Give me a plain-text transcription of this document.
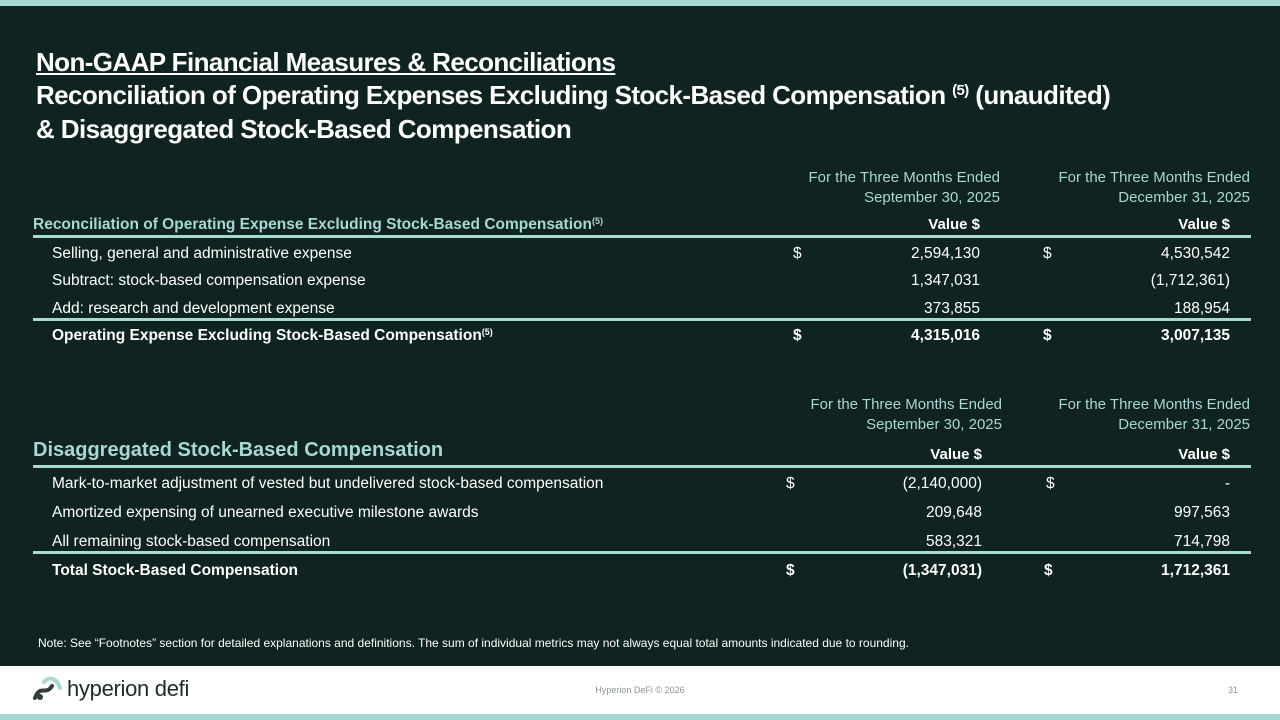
Non-GAAP Financial Measures & Reconciliations
Reconciliation of Operating Expenses Excluding Stock-Based Compensation $^{(5)}$ (unaudited)
& Disaggregated Stock-Based Compensation
For the Three Months Ended
September 30, 2025
For the Three Months Ended
December 31, 2025
Reconciliation of Operating Expense Excluding Stock-Based Compensation$^{(5)}$	Value $	Value $
Selling, general and administrative expense	$	2,594,130	$	4,530,542
Subtract: stock-based compensation expense	1,347,031	(1,712,361)
Add: research and development expense	373,855	188,954
Operating Expense Excluding Stock-Based Compensation$^{(5)}$	$	4,315,016	$	3,007,135
For the Three Months Ended
September 30, 2025
For the Three Months Ended
December 31, 2025
Disaggregated Stock-Based Compensation	Value $	Value $
Mark-to-market adjustment of vested but undelivered stock-based compensation	$	(2,140,000)	$	-
Amortized expensing of unearned executive milestone awards	209,648	997,563
All remaining stock-based compensation	583,321	714,798
Total Stock-Based Compensation	$	(1,347,031)	$	1,712,361
Note: See “Footnotes” section for detailed explanations and definitions. The sum of individual metrics may not always equal total amounts indicated due to rounding.
hyperion defi	Hyperion DeFi © 2026	31
